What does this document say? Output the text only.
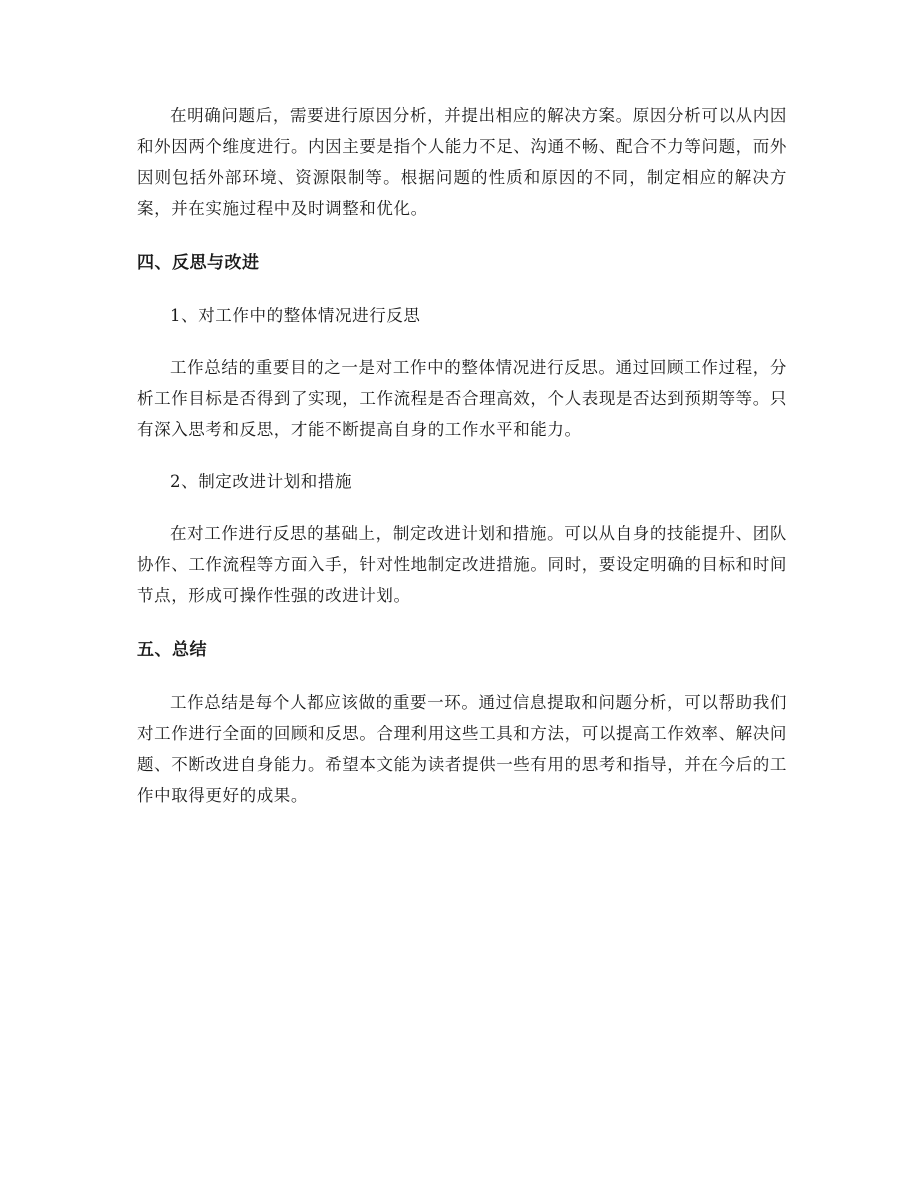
在明确问题后，需要进行原因分析，并提出相应的解决方案。原因分析可以从内因和外因两个维度进行。内因主要是指个人能力不足、沟通不畅、配合不力等问题，而外因则包括外部环境、资源限制等。根据问题的性质和原因的不同，制定相应的解决方案，并在实施过程中及时调整和优化。

四、反思与改进

1、对工作中的整体情况进行反思

工作总结的重要目的之一是对工作中的整体情况进行反思。通过回顾工作过程，分析工作目标是否得到了实现，工作流程是否合理高效，个人表现是否达到预期等等。只有深入思考和反思，才能不断提高自身的工作水平和能力。

2、制定改进计划和措施

在对工作进行反思的基础上，制定改进计划和措施。可以从自身的技能提升、团队协作、工作流程等方面入手，针对性地制定改进措施。同时，要设定明确的目标和时间节点，形成可操作性强的改进计划。

五、总结

工作总结是每个人都应该做的重要一环。通过信息提取和问题分析，可以帮助我们对工作进行全面的回顾和反思。合理利用这些工具和方法，可以提高工作效率、解决问题、不断改进自身能力。希望本文能为读者提供一些有用的思考和指导，并在今后的工作中取得更好的成果。
